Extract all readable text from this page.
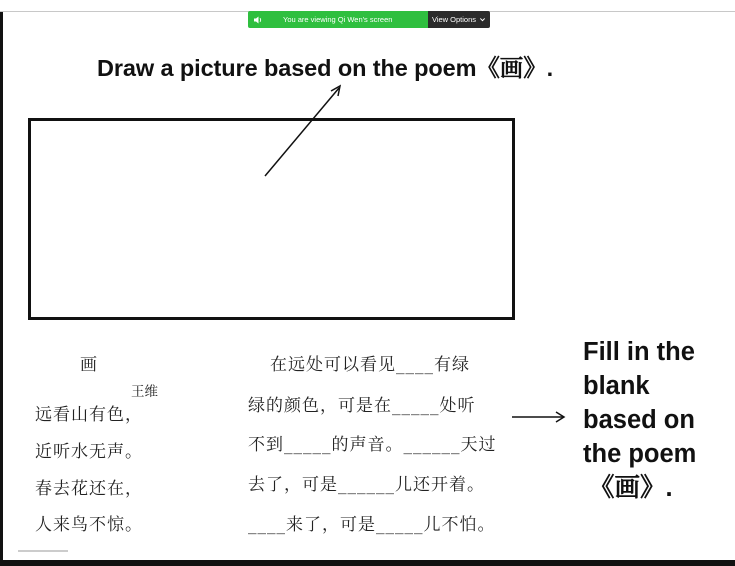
You are viewing Qi Wen's screen	View Options
Draw a picture based on the poem《画》.
画
王维
远看山有色，
近听水无声。
春去花还在，
人来鸟不惊。
在远处可以看见____有绿
绿的颜色，可是在_____处听
不到_____的声音。______天过
去了，可是______儿还开着。
____来了，可是_____儿不怕。
Fill in the
blank
based on
the poem
《画》.
